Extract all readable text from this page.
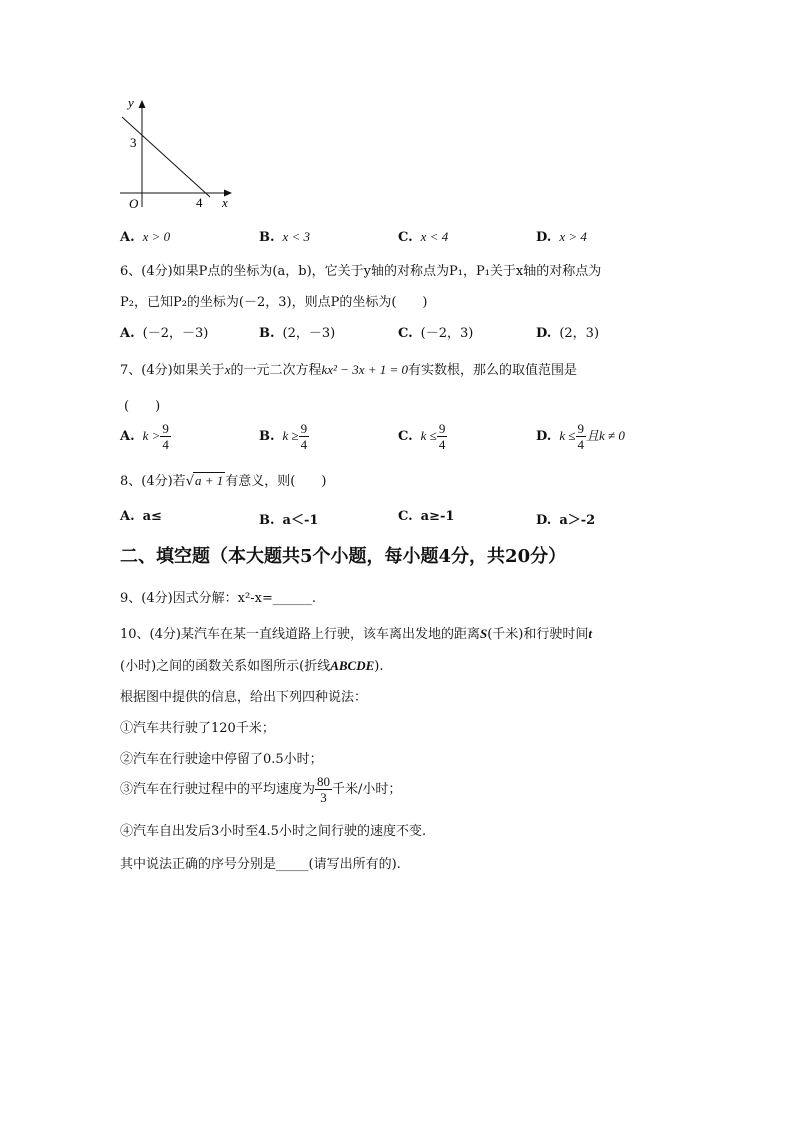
y
x
O
3
4
A. x > 0	B. x < 3	C. x < 4	D. x > 4
6、(4分)如果P点的坐标为(a，b)，它关于y轴的对称点为P₁，P₁关于x轴的对称点为
P₂，已知P₂的坐标为(－2，3)，则点P的坐标为(　　)
A. (－2，－3)	B. (2，－3)	C. (－2，3)	D. (2，3)
7、(4分)如果关于x的一元二次方程kx² − 3x + 1 = 0有实数根，那么的取值范围是
(　　)
A. $k > \frac{9}{4}$	B. $k \ge \frac{9}{4}$	C. $k \le \frac{9}{4}$	D. $k \le \frac{9}{4}$ 且k ≠ 0
8、(4分)若√a + 1 有意义，则(　　)
A. a≤	B. a＜-1	C. a≥-1	D. a＞-2
二、填空题（本大题共5个小题，每小题4分，共20分）
9、(4分)因式分解：x²-x=______.
10、(4分)某汽车在某一直线道路上行驶，该车离出发地的距离S(千米)和行驶时间t
(小时)之间的函数关系如图所示(折线ABCDE).
根据图中提供的信息，给出下列四种说法：
①汽车共行驶了120千米；
②汽车在行驶途中停留了0.5小时；
③汽车在行驶过程中的平均速度为 $\frac{80}{3}$ 千米/小时；
④汽车自出发后3小时至4.5小时之间行驶的速度不变.
其中说法正确的序号分别是_____(请写出所有的).
